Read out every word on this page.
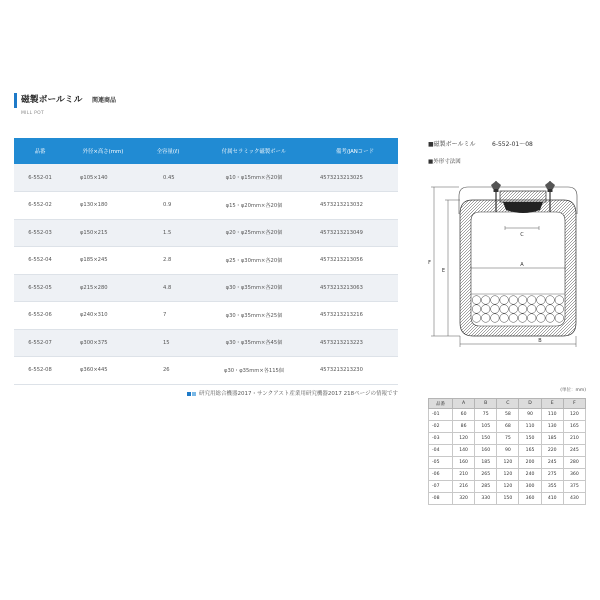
磁製ボールミル 関連商品
MILL POT
品番	外径×高さ(mm)	全容量(ℓ)	付属セラミック磁製ボール	備考/JANコード
6-552-01	φ105×140	0.45	φ10・φ15mm×各20個	4573213213025
6-552-02	φ130×180	0.9	φ15・φ20mm×各20個	4573213213032
6-552-03	φ150×215	1.5	φ20・φ25mm×各20個	4573213213049
6-552-04	φ185×245	2.8	φ25・φ30mm×各20個	4573213213056
6-552-05	φ215×280	4.8	φ30・φ35mm×各20個	4573213213063
6-552-06	φ240×310	7	φ30・φ35mm×各25個	4573213213216
6-552-07	φ300×375	15	φ30・φ35mm×各45個	4573213213223
6-552-08	φ360×445	26	φ30・φ35mm×各115個	4573213213230
研究用総合機器2017・サンクアスト産業用研究機器2017 218ページの情報です
■磁製ボールミル	6-552-01～08
■外形寸法図
A
C
B
E
F
(単位：mm)
品番	A	B	C	D	E	F
-01	60	75	58	90	110	120
-02	86	105	68	110	130	165
-03	120	150	75	150	185	210
-04	140	160	90	165	220	245
-05	160	185	120	200	245	280
-06	210	265	120	240	275	360
-07	216	285	120	300	355	375
-08	320	330	150	360	410	430
